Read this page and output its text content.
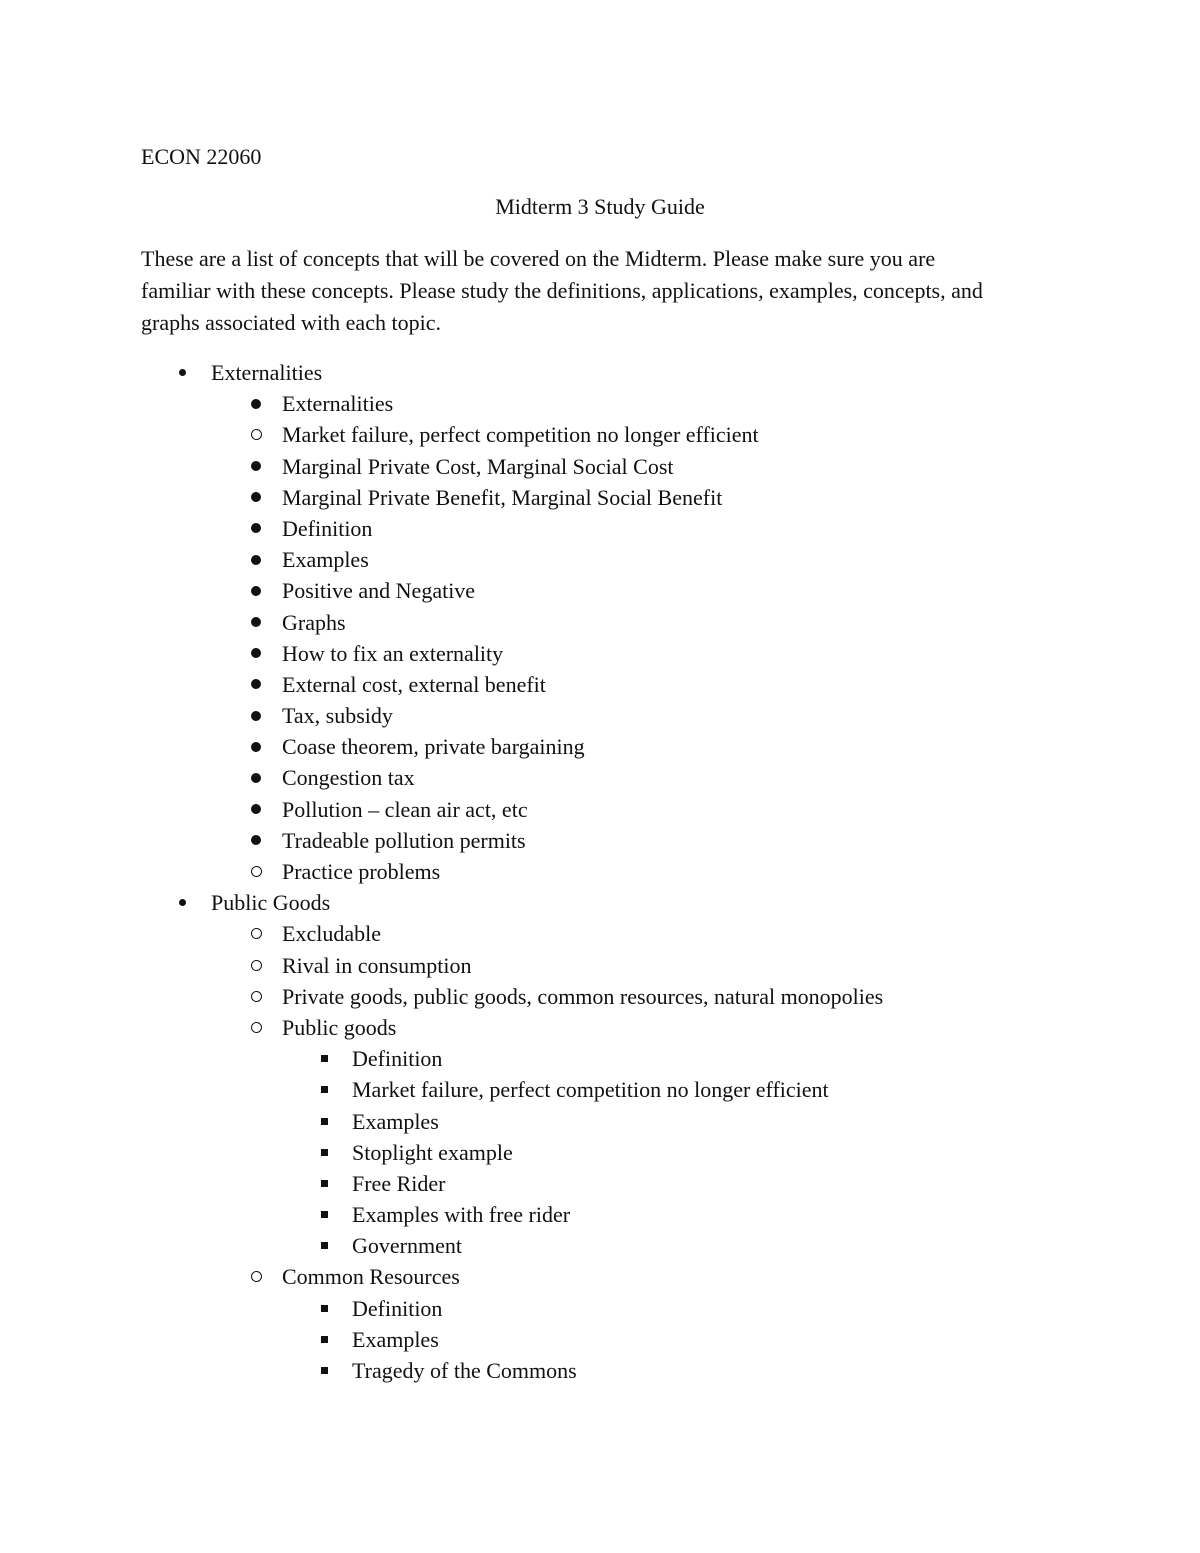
ECON 22060
Midterm 3 Study Guide
These are a list of concepts that will be covered on the Midterm. Please make sure you are
familiar with these concepts. Please study the definitions, applications, examples, concepts, and
graphs associated with each topic.
Externalities
Externalities
Market failure, perfect competition no longer efficient
Marginal Private Cost, Marginal Social Cost
Marginal Private Benefit, Marginal Social Benefit
Definition
Examples
Positive and Negative
Graphs
How to fix an externality
External cost, external benefit
Tax, subsidy
Coase theorem, private bargaining
Congestion tax
Pollution – clean air act, etc
Tradeable pollution permits
Practice problems
Public Goods
Excludable
Rival in consumption
Private goods, public goods, common resources, natural monopolies
Public goods
Definition
Market failure, perfect competition no longer efficient
Examples
Stoplight example
Free Rider
Examples with free rider
Government
Common Resources
Definition
Examples
Tragedy of the Commons
